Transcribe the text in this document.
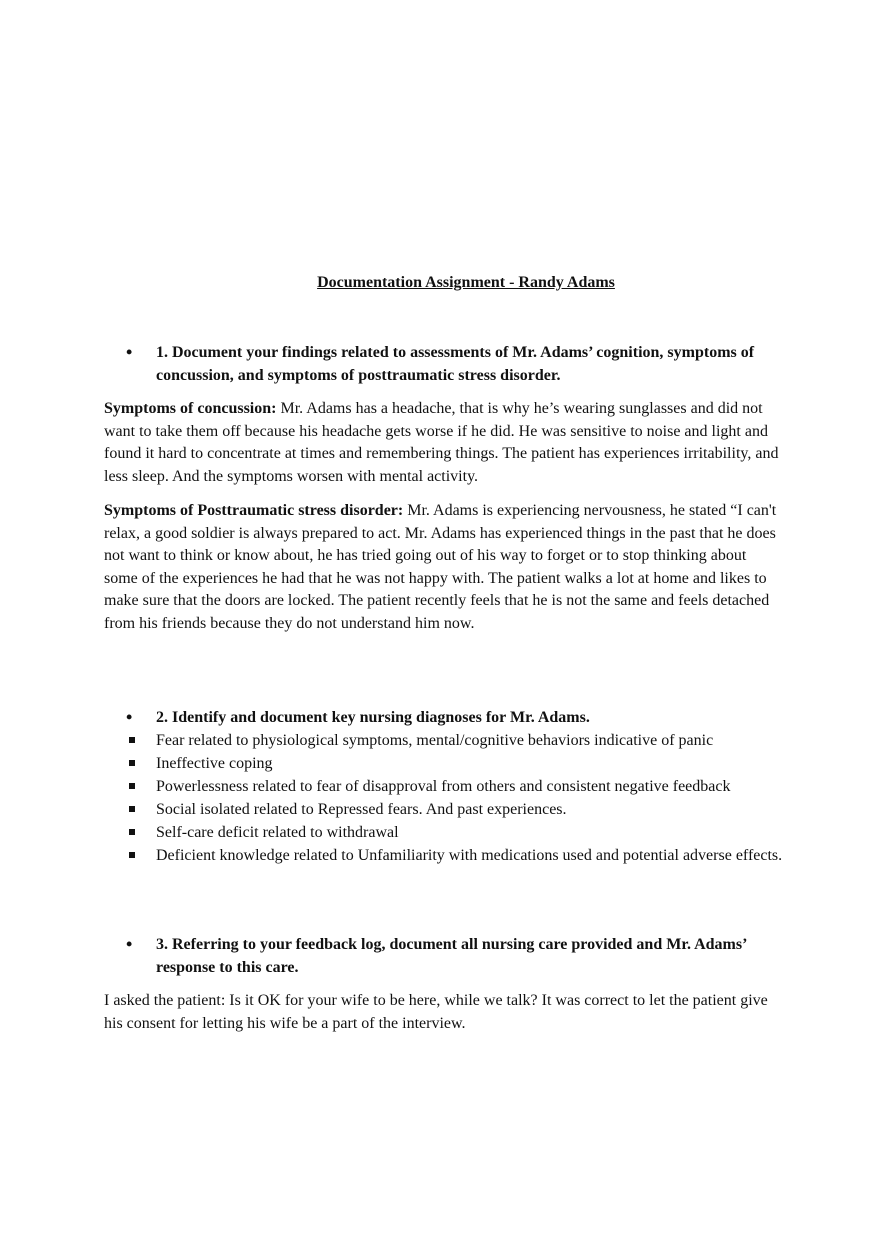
Documentation Assignment - Randy Adams
• 1. Document your findings related to assessments of Mr. Adams’ cognition, symptoms of concussion, and symptoms of posttraumatic stress disorder.
Symptoms of concussion: Mr. Adams has a headache, that is why he’s wearing sunglasses and did not want to take them off because his headache gets worse if he did. He was sensitive to noise and light and found it hard to concentrate at times and remembering things. The patient has experiences irritability, and less sleep. And the symptoms worsen with mental activity.
Symptoms of Posttraumatic stress disorder: Mr. Adams is experiencing nervousness, he stated “I can't relax, a good soldier is always prepared to act. Mr. Adams has experienced things in the past that he does not want to think or know about, he has tried going out of his way to forget or to stop thinking about some of the experiences he had that he was not happy with. The patient walks a lot at home and likes to make sure that the doors are locked. The patient recently feels that he is not the same and feels detached from his friends because they do not understand him now.
• 2. Identify and document key nursing diagnoses for Mr. Adams.
Fear related to physiological symptoms, mental/cognitive behaviors indicative of panic
Ineffective coping
Powerlessness related to fear of disapproval from others and consistent negative feedback
Social isolated related to Repressed fears. And past experiences.
Self-care deficit related to withdrawal
Deficient knowledge related to Unfamiliarity with medications used and potential adverse effects.
• 3. Referring to your feedback log, document all nursing care provided and Mr. Adams’ response to this care.
I asked the patient: Is it OK for your wife to be here, while we talk? It was correct to let the patient give his consent for letting his wife be a part of the interview.
